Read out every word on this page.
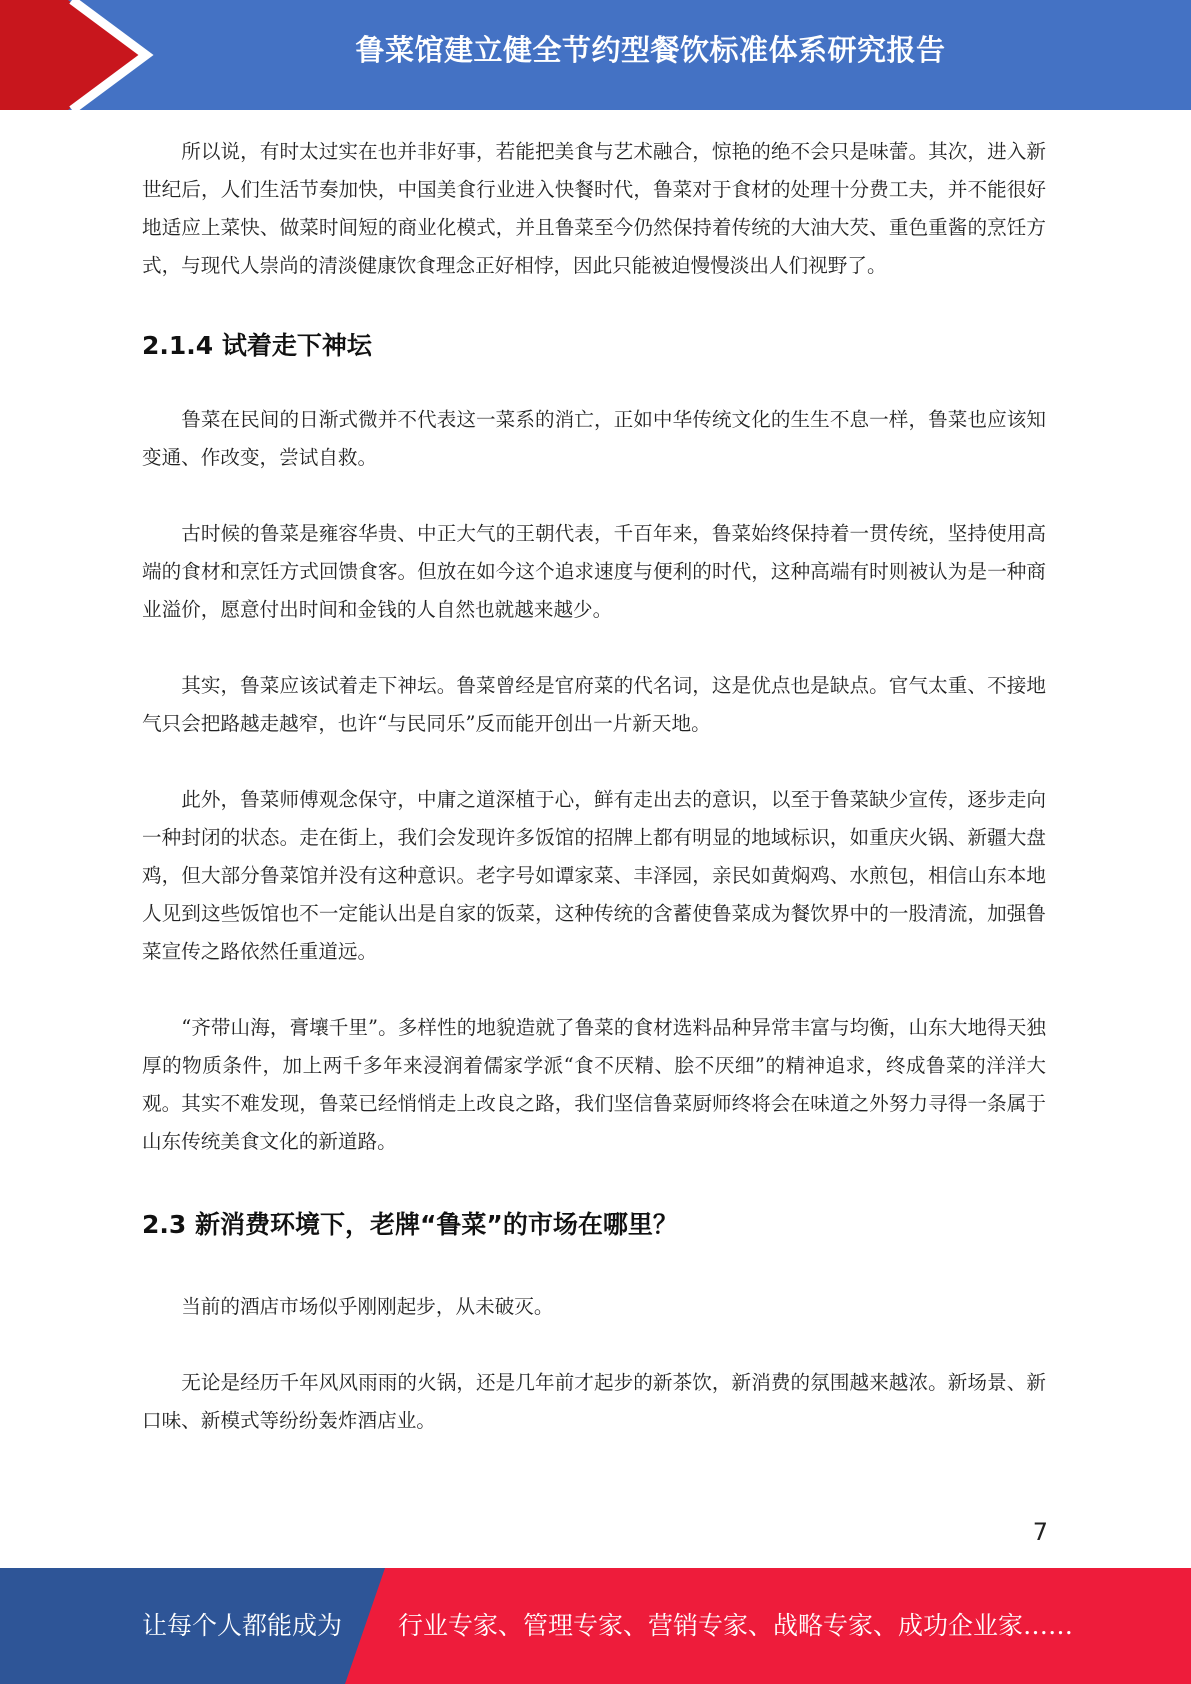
鲁菜馆建立健全节约型餐饮标准体系研究报告

所以说，有时太过实在也并非好事，若能把美食与艺术融合，惊艳的绝不会只是味蕾。其次，进入新世纪后，人们生活节奏加快，中国美食行业进入快餐时代，鲁菜对于食材的处理十分费工夫，并不能很好地适应上菜快、做菜时间短的商业化模式，并且鲁菜至今仍然保持着传统的大油大芡、重色重酱的烹饪方式，与现代人崇尚的清淡健康饮食理念正好相悖，因此只能被迫慢慢淡出人们视野了。

2.1.4 试着走下神坛

鲁菜在民间的日渐式微并不代表这一菜系的消亡，正如中华传统文化的生生不息一样，鲁菜也应该知变通、作改变，尝试自救。

古时候的鲁菜是雍容华贵、中正大气的王朝代表，千百年来，鲁菜始终保持着一贯传统，坚持使用高端的食材和烹饪方式回馈食客。但放在如今这个追求速度与便利的时代，这种高端有时则被认为是一种商业溢价，愿意付出时间和金钱的人自然也就越来越少。

其实，鲁菜应该试着走下神坛。鲁菜曾经是官府菜的代名词，这是优点也是缺点。官气太重、不接地气只会把路越走越窄，也许“与民同乐”反而能开创出一片新天地。

此外，鲁菜师傅观念保守，中庸之道深植于心，鲜有走出去的意识，以至于鲁菜缺少宣传，逐步走向一种封闭的状态。走在街上，我们会发现许多饭馆的招牌上都有明显的地域标识，如重庆火锅、新疆大盘鸡，但大部分鲁菜馆并没有这种意识。老字号如谭家菜、丰泽园，亲民如黄焖鸡、水煎包，相信山东本地人见到这些饭馆也不一定能认出是自家的饭菜，这种传统的含蓄使鲁菜成为餐饮界中的一股清流，加强鲁菜宣传之路依然任重道远。

“齐带山海，膏壤千里”。多样性的地貌造就了鲁菜的食材选料品种异常丰富与均衡，山东大地得天独厚的物质条件，加上两千多年来浸润着儒家学派“食不厌精、脍不厌细”的精神追求，终成鲁菜的洋洋大观。其实不难发现，鲁菜已经悄悄走上改良之路，我们坚信鲁菜厨师终将会在味道之外努力寻得一条属于山东传统美食文化的新道路。

2.3 新消费环境下，老牌“鲁菜”的市场在哪里？

当前的酒店市场似乎刚刚起步，从未破灭。

无论是经历千年风风雨雨的火锅，还是几年前才起步的新茶饮，新消费的氛围越来越浓。新场景、新口味、新模式等纷纷轰炸酒店业。

7
让每个人都能成为 行业专家、管理专家、营销专家、战略专家、成功企业家……
